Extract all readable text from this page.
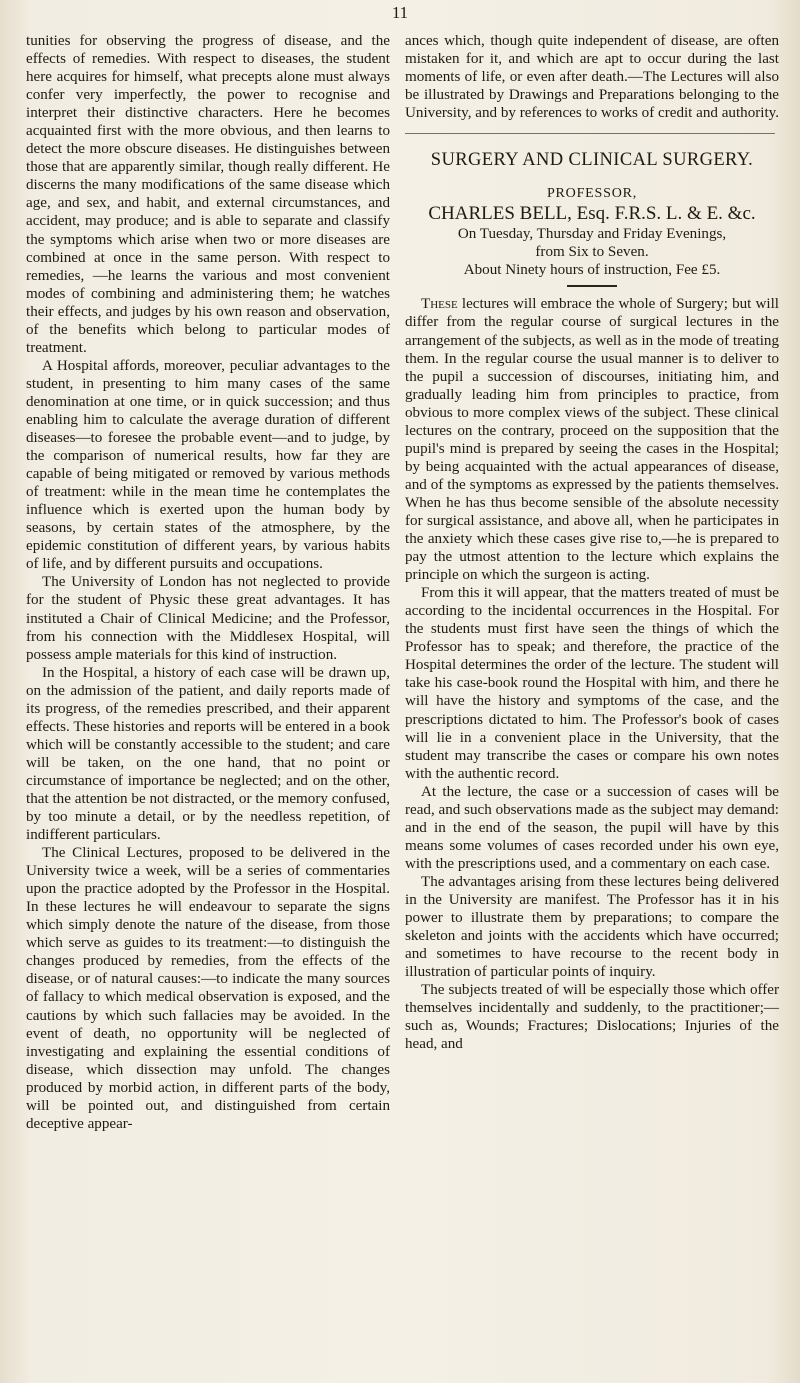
11

tunities for observing the progress of disease, and the effects of remedies. With respect to diseases, the student here acquires for himself, what precepts alone must always confer very imperfectly, the power to recognise and interpret their distinctive characters. Here he becomes acquainted first with the more obvious, and then learns to detect the more obscure diseases. He distinguishes between those that are apparently similar, though really different. He discerns the many modifications of the same disease which age, and sex, and habit, and external circumstances, and accident, may produce; and is able to separate and classify the symptoms which arise when two or more diseases are combined at once in the same person. With respect to remedies, —he learns the various and most convenient modes of combining and administering them; he watches their effects, and judges by his own reason and observation, of the benefits which belong to particular modes of treatment.

A Hospital affords, moreover, peculiar advantages to the student, in presenting to him many cases of the same denomination at one time, or in quick succession; and thus enabling him to calculate the average duration of different diseases—to foresee the probable event—and to judge, by the comparison of numerical results, how far they are capable of being mitigated or removed by various methods of treatment: while in the mean time he contemplates the influence which is exerted upon the human body by seasons, by certain states of the atmosphere, by the epidemic constitution of different years, by various habits of life, and by different pursuits and occupations.

The University of London has not neglected to provide for the student of Physic these great advantages. It has instituted a Chair of Clinical Medicine; and the Professor, from his connection with the Middlesex Hospital, will possess ample materials for this kind of instruction.

In the Hospital, a history of each case will be drawn up, on the admission of the patient, and daily reports made of its progress, of the remedies prescribed, and their apparent effects. These histories and reports will be entered in a book which will be constantly accessible to the student; and care will be taken, on the one hand, that no point or circumstance of importance be neglected; and on the other, that the attention be not distracted, or the memory confused, by too minute a detail, or by the needless repetition, of indifferent particulars.

The Clinical Lectures, proposed to be delivered in the University twice a week, will be a series of commentaries upon the practice adopted by the Professor in the Hospital. In these lectures he will endeavour to separate the signs which simply denote the nature of the disease, from those which serve as guides to its treatment:—to distinguish the changes produced by remedies, from the effects of the disease, or of natural causes:—to indicate the many sources of fallacy to which medical observation is exposed, and the cautions by which such fallacies may be avoided. In the event of death, no opportunity will be neglected of investigating and explaining the essential conditions of disease, which dissection may unfold. The changes produced by morbid action, in different parts of the body, will be pointed out, and distinguished from certain deceptive appear-

ances which, though quite independent of disease, are often mistaken for it, and which are apt to occur during the last moments of life, or even after death.—The Lectures will also be illustrated by Drawings and Preparations belonging to the University, and by references to works of credit and authority.

SURGERY AND CLINICAL SURGERY.
PROFESSOR,
CHARLES BELL, Esq. F.R.S. L. & E. &c.
On Tuesday, Thursday and Friday Evenings,
from Six to Seven.
About Ninety hours of instruction, Fee £5.

These lectures will embrace the whole of Surgery; but will differ from the regular course of surgical lectures in the arrangement of the subjects, as well as in the mode of treating them. In the regular course the usual manner is to deliver to the pupil a succession of discourses, initiating him, and gradually leading him from principles to practice, from obvious to more complex views of the subject. These clinical lectures on the contrary, proceed on the supposition that the pupil's mind is prepared by seeing the cases in the Hospital; by being acquainted with the actual appearances of disease, and of the symptoms as expressed by the patients themselves. When he has thus become sensible of the absolute necessity for surgical assistance, and above all, when he participates in the anxiety which these cases give rise to,—he is prepared to pay the utmost attention to the lecture which explains the principle on which the surgeon is acting.

From this it will appear, that the matters treated of must be according to the incidental occurrences in the Hospital. For the students must first have seen the things of which the Professor has to speak; and therefore, the practice of the Hospital determines the order of the lecture. The student will take his case-book round the Hospital with him, and there he will have the history and symptoms of the case, and the prescriptions dictated to him. The Professor's book of cases will lie in a convenient place in the University, that the student may transcribe the cases or compare his own notes with the authentic record.

At the lecture, the case or a succession of cases will be read, and such observations made as the subject may demand: and in the end of the season, the pupil will have by this means some volumes of cases recorded under his own eye, with the prescriptions used, and a commentary on each case.

The advantages arising from these lectures being delivered in the University are manifest. The Professor has it in his power to illustrate them by preparations; to compare the skeleton and joints with the accidents which have occurred; and sometimes to have recourse to the recent body in illustration of particular points of inquiry.

The subjects treated of will be especially those which offer themselves incidentally and suddenly, to the practitioner;—such as, Wounds; Fractures; Dislocations; Injuries of the head, and
